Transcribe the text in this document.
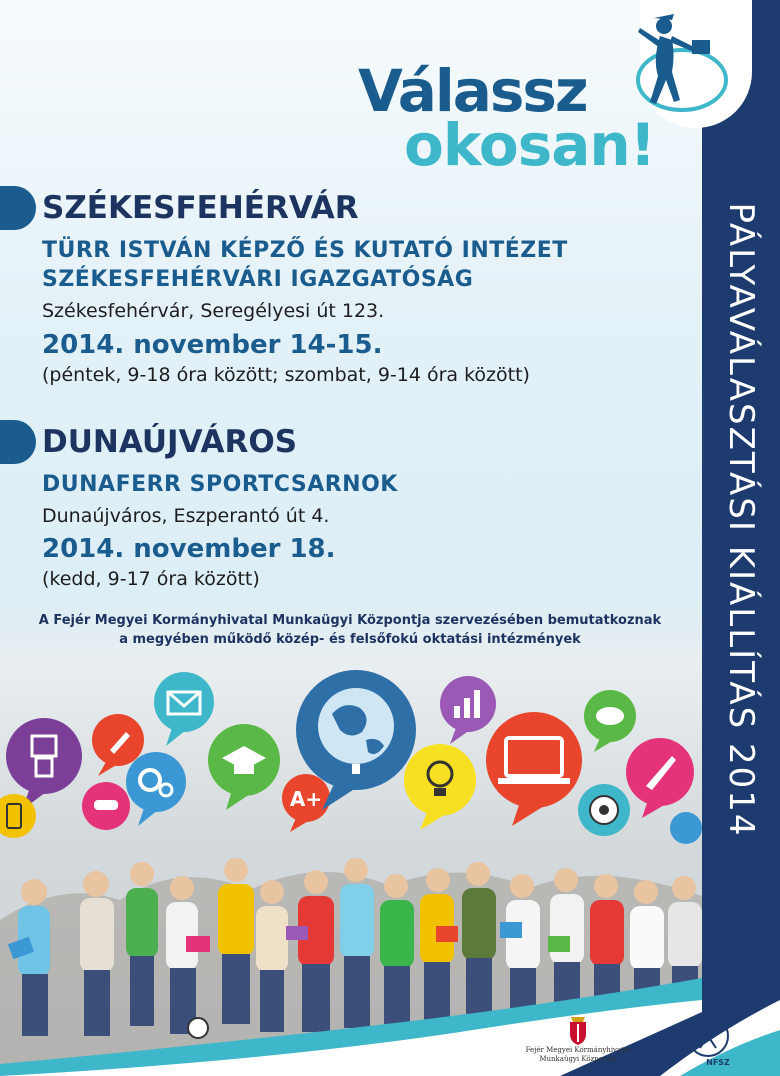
PÁLYAVÁLASZTÁSI KIÁLLÍTÁS 2014
Válassz
okosan!
SZÉKESFEHÉRVÁR
TÜRR ISTVÁN KÉPZŐ ÉS KUTATÓ INTÉZET
SZÉKESFEHÉRVÁRI IGAZGATÓSÁG
Székesfehérvár, Seregélyesi út 123.
2014. november 14-15.
(péntek, 9-18 óra között; szombat, 9-14 óra között)
DUNAÚJVÁROS
DUNAFERR SPORTCSARNOK
Dunaújváros, Eszperantó út 4.
2014. november 18.
(kedd, 9-17 óra között)
A Fejér Megyei Kormányhivatal Munkaügyi Központja szervezésében bemutatkoznak
a megyében működő közép- és felsőfokú oktatási intézmények
A+
Fejér Megyei Kormányhivatal
Munkaügyi Központja	NFSZ
